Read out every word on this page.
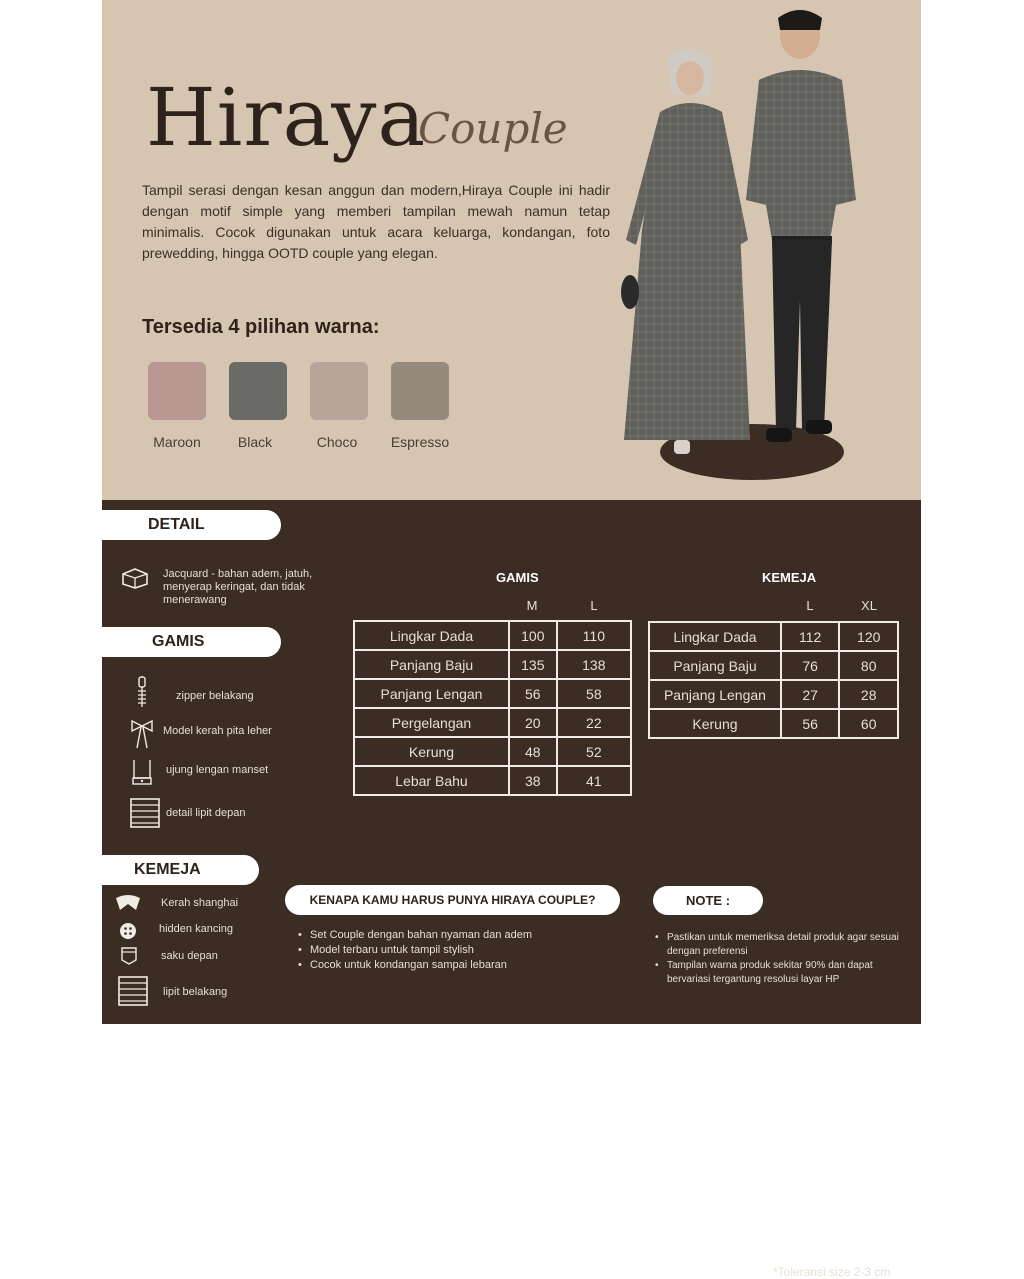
Hiraya
Couple
Tampil serasi dengan kesan anggun dan modern,Hiraya Couple ini hadir dengan motif simple yang memberi tampilan mewah namun tetap minimalis. Cocok digunakan untuk acara keluarga, kondangan, foto prewedding, hingga OOTD couple yang elegan.
Tersedia 4 pilihan warna:
Maroon	Black	Choco	Espresso
DETAIL
Jacquard - bahan adem, jatuh, menyerap keringat, dan tidak menerawang
GAMIS
zipper belakang
Model kerah pita leher
ujung lengan manset
detail lipit depan
KEMEJA
Kerah shanghai
hidden kancing
saku depan
lipit belakang
SIZE CHART
GAMIS
M	L
Lingkar Dada	100	110
Panjang Baju	135	138
Panjang Lengan	56	58
Pergelangan	20	22
Kerung	48	52
Lebar Bahu	38	41
KEMEJA
L	XL
Lingkar Dada	112	120
Panjang Baju	76	80
Panjang Lengan	27	28
Kerung	56	60
*Toleransi size 2-3 cm
KENAPA KAMU HARUS PUNYA HIRAYA COUPLE?
• Set Couple dengan bahan nyaman dan adem
• Model terbaru untuk tampil stylish
• Cocok untuk kondangan sampai lebaran
NOTE :
• Pastikan untuk memeriksa detail produk agar sesuai dengan preferensi
• Tampilan warna produk sekitar 90% dan dapat bervariasi tergantung resolusi layar HP
